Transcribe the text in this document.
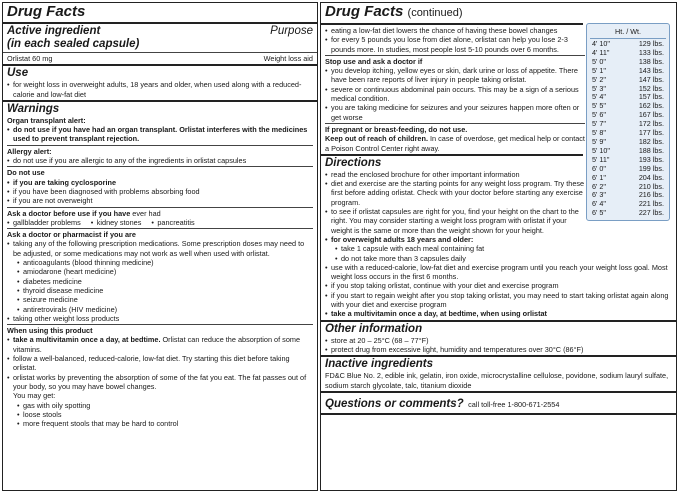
Drug Facts
Active ingredient	Purpose
(in each sealed capsule)
Orlistat 60 mg	Weight loss aid
Use
• for weight loss in overweight adults, 18 years and older, when used along with a reduced-calorie and low-fat diet
Warnings
Organ transplant alert:
• do not use if you have had an organ transplant. Orlistat interferes with the medicines used to prevent transplant rejection.
Allergy alert:
• do not use if you are allergic to any of the ingredients in orlistat capsules
Do not use
• if you are taking cyclosporine
• if you have been diagnosed with problems absorbing food
• if you are not overweight
Ask a doctor before use if you have ever had
• gallbladder problems	• kidney stones	• pancreatitis
Ask a doctor or pharmacist if you are
• taking any of the following prescription medications. Some prescription doses may need to be adjusted, or some medications may not work as well when used with orlistat.
• anticoagulants (blood thinning medicine)
• amiodarone (heart medicine)
• diabetes medicine
• thyroid disease medicine
• seizure medicine
• antiretrovirals (HIV medicine)
• taking other weight loss products
When using this product
• take a multivitamin once a day, at bedtime. Orlistat can reduce the absorption of some vitamins.
• follow a well-balanced, reduced-calorie, low-fat diet. Try starting this diet before taking orlistat.
• orlistat works by preventing the absorption of some of the fat you eat. The fat passes out of your body, so you may have bowel changes.
You may get:
• gas with oily spotting
• loose stools
• more frequent stools that may be hard to control
Drug Facts (continued)
• eating a low-fat diet lowers the chance of having these bowel changes
• for every 5 pounds you lose from diet alone, orlistat can help you lose 2-3 pounds more. In studies, most people lost 5-10 pounds over 6 months.
Stop use and ask a doctor if
• you develop itching, yellow eyes or skin, dark urine or loss of appetite. There have been rare reports of liver injury in people taking orlistat.
• severe or continuous abdominal pain occurs. This may be a sign of a serious medical condition.
• you are taking medicine for seizures and your seizures happen more often or get worse
If pregnant or breast-feeding, do not use.
Keep out of reach of children. In case of overdose, get medical help or contact a Poison Control Center right away.
Directions
• read the enclosed brochure for other important information
• diet and exercise are the starting points for any weight loss program. Try these first before adding orlistat. Check with your doctor before starting any exercise program.
• to see if orlistat capsules are right for you, find your height on the chart to the right. You may consider starting a weight loss program with orlistat if your weight is the same or more than the weight shown for your height.
• for overweight adults 18 years and older:
• take 1 capsule with each meal containing fat
• do not take more than 3 capsules daily
• use with a reduced-calorie, low-fat diet and exercise program until you reach your weight loss goal. Most weight loss occurs in the first 6 months.
• if you stop taking orlistat, continue with your diet and exercise program
• if you start to regain weight after you stop taking orlistat, you may need to start taking orlistat again along with your diet and exercise program
• take a multivitamin once a day, at bedtime, when using orlistat
Other information
• store at 20 – 25°C (68 – 77°F)
• protect drug from excessive light, humidity and temperatures over 30°C (86°F)
Inactive ingredients
FD&C Blue No. 2, edible ink, gelatin, iron oxide, microcrystalline cellulose, povidone, sodium lauryl sulfate, sodium starch glycolate, talc, titanium dioxide
Questions or comments? call toll-free 1-800-671-2554
Ht. / Wt.
4' 10"	129 lbs.
4' 11"	133 lbs.
5' 0"	138 lbs.
5' 1"	143 lbs.
5' 2"	147 lbs.
5' 3"	152 lbs.
5' 4"	157 lbs.
5' 5"	162 lbs.
5' 6"	167 lbs.
5' 7"	172 lbs.
5' 8"	177 lbs.
5' 9"	182 lbs.
5' 10"	188 lbs.
5' 11"	193 lbs.
6' 0"	199 lbs.
6' 1"	204 lbs.
6' 2"	210 lbs.
6' 3"	216 lbs.
6' 4"	221 lbs.
6' 5"	227 lbs.
